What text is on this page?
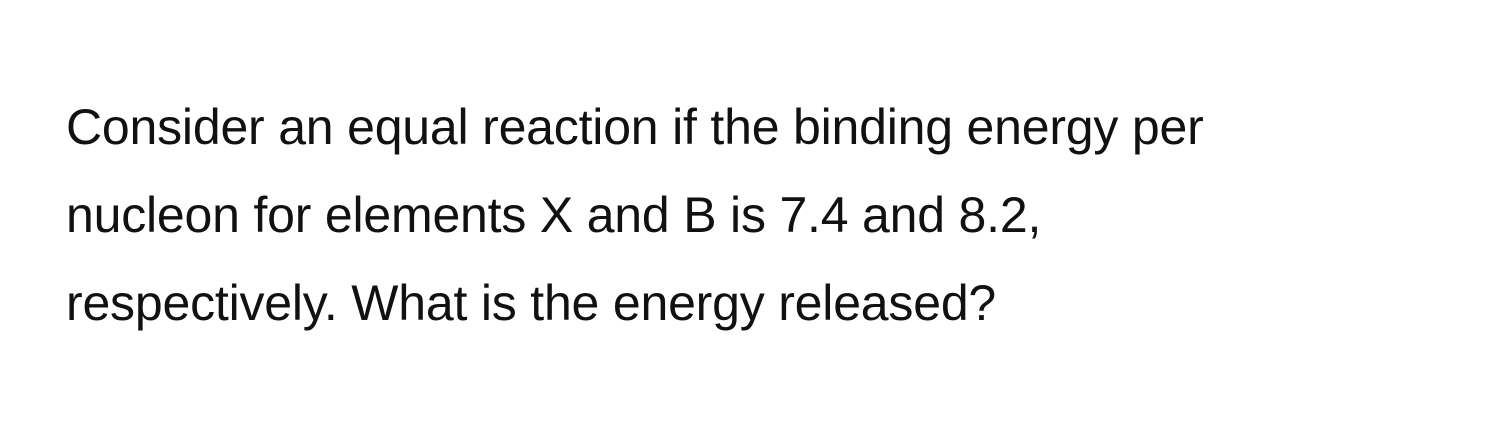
Consider an equal reaction if the binding energy per
nucleon for elements X and B is 7.4 and 8.2,
respectively. What is the energy released?
